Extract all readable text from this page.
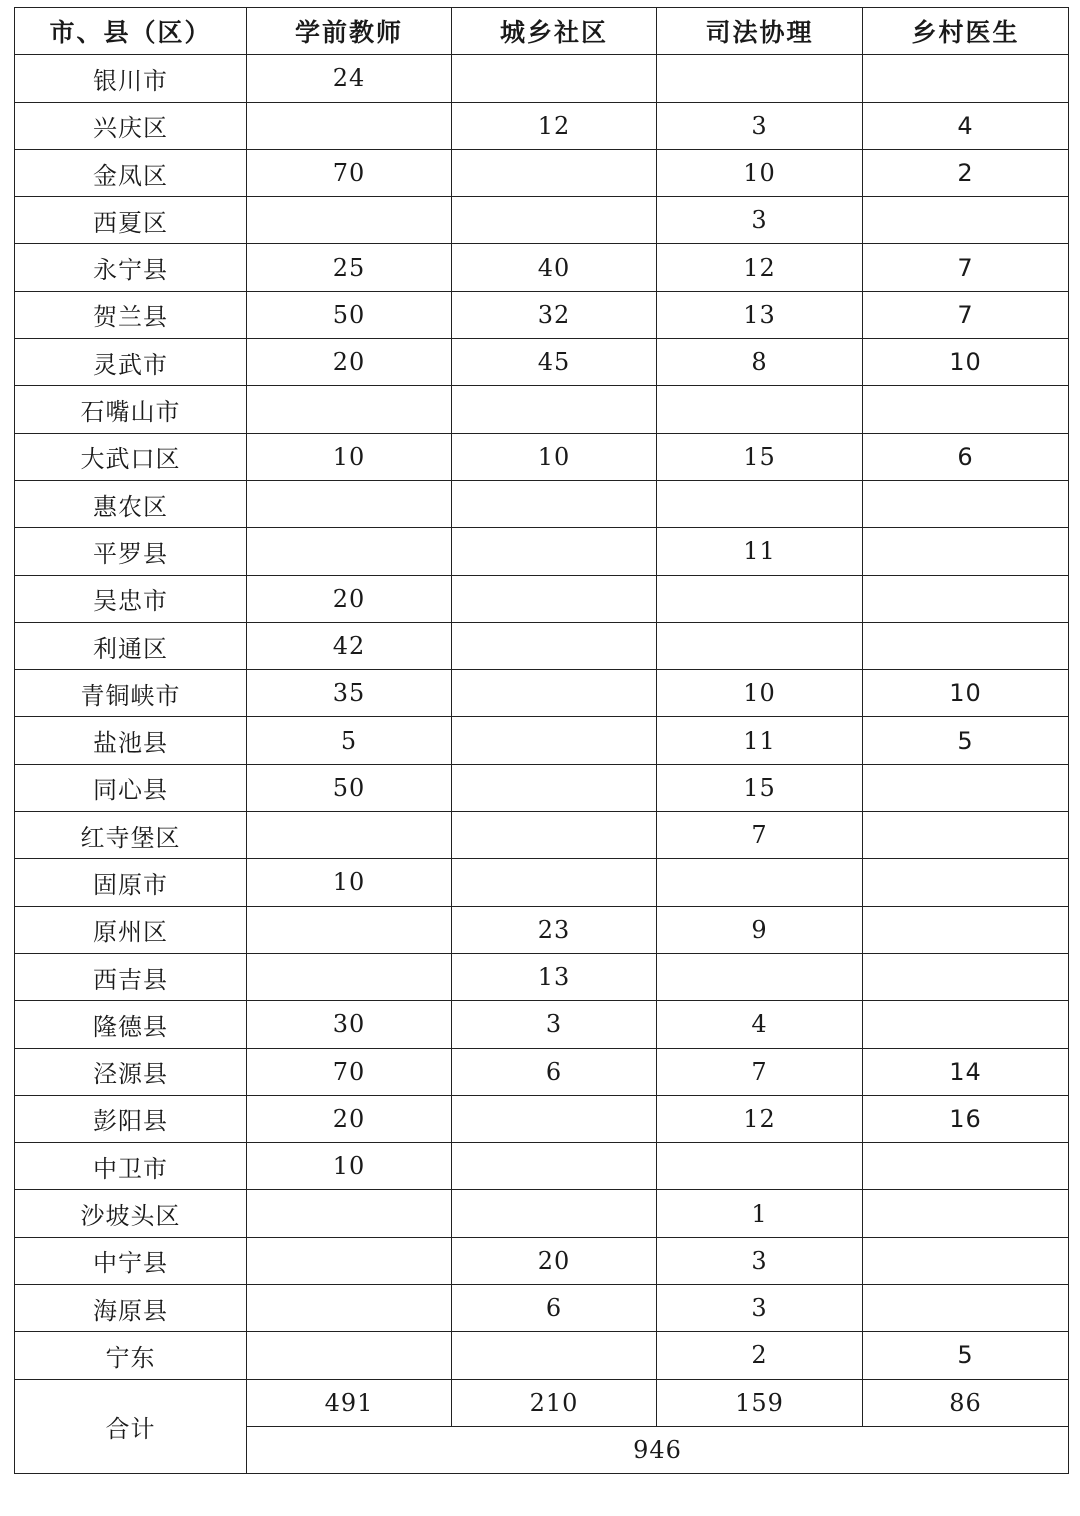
市、县（区）	学前教师	城乡社区	司法协理	乡村医生
银川市	24			
兴庆区		12	3	4
金凤区	70		10	2
西夏区			3	
永宁县	25	40	12	7
贺兰县	50	32	13	7
灵武市	20	45	8	10
石嘴山市				
大武口区	10	10	15	6
惠农区				
平罗县			11	
吴忠市	20			
利通区	42			
青铜峡市	35		10	10
盐池县	5		11	5
同心县	50		15	
红寺堡区			7	
固原市	10			
原州区		23	9	
西吉县		13		
隆德县	30	3	4	
泾源县	70	6	7	14
彭阳县	20		12	16
中卫市	10			
沙坡头区			1	
中宁县		20	3	
海原县		6	3	
宁东			2	5
合计	491	210	159	86
	946			
